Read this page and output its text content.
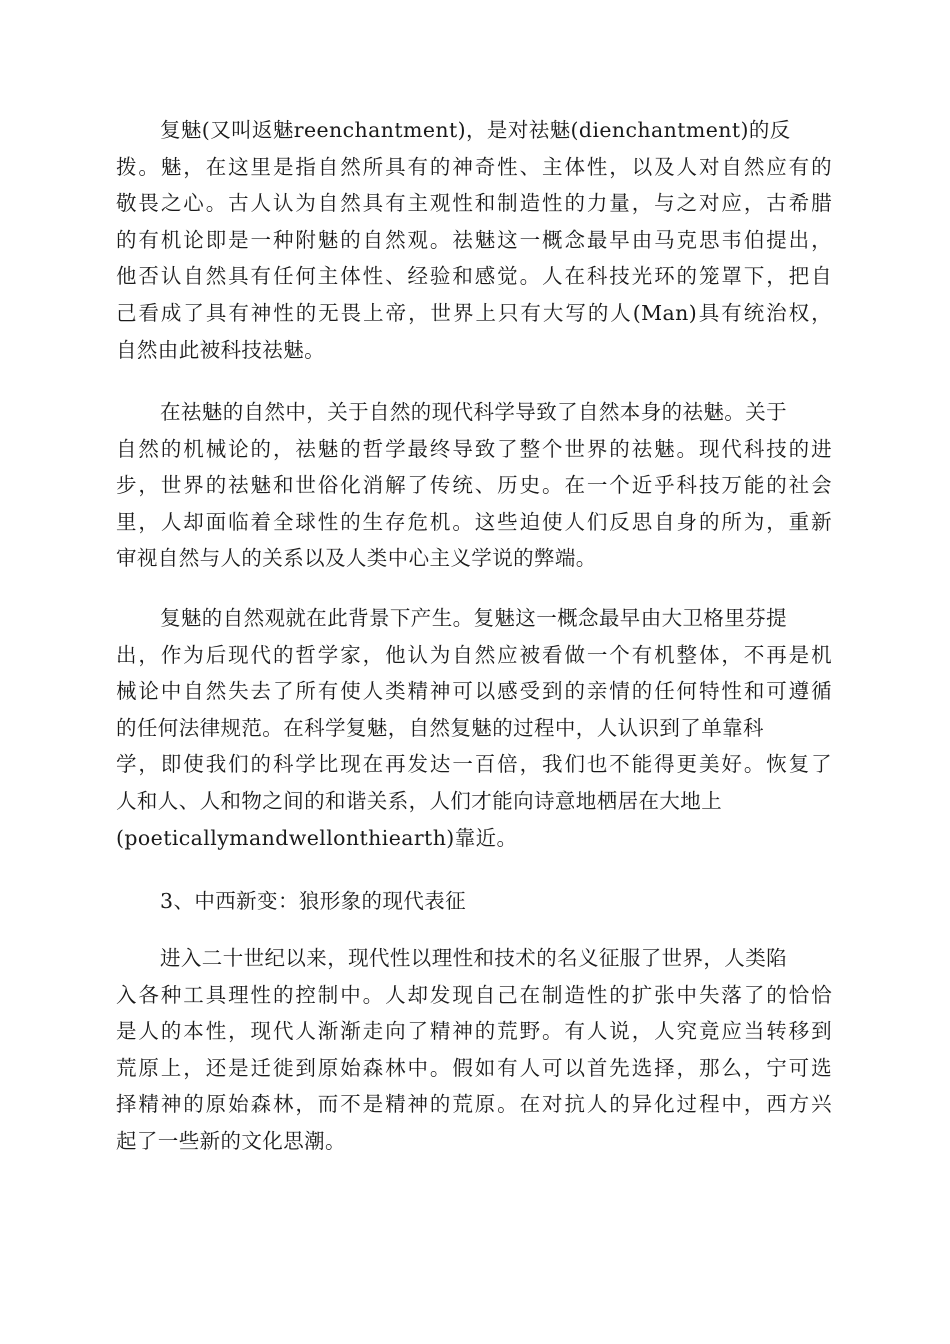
复魅(又叫返魅reenchantment)，是对祛魅(dienchantment)的反
拨。魅，在这里是指自然所具有的神奇性、主体性，以及人对自然应有的
敬畏之心。古人认为自然具有主观性和制造性的力量，与之对应，古希腊
的有机论即是一种附魅的自然观。祛魅这一概念最早由马克思韦伯提出，
他否认自然具有任何主体性、经验和感觉。人在科技光环的笼罩下，把自
己看成了具有神性的无畏上帝，世界上只有大写的人(Man)具有统治权，
自然由此被科技祛魅。
在祛魅的自然中，关于自然的现代科学导致了自然本身的祛魅。关于
自然的机械论的，祛魅的哲学最终导致了整个世界的祛魅。现代科技的进
步，世界的祛魅和世俗化消解了传统、历史。在一个近乎科技万能的社会
里，人却面临着全球性的生存危机。这些迫使人们反思自身的所为，重新
审视自然与人的关系以及人类中心主义学说的弊端。
复魅的自然观就在此背景下产生。复魅这一概念最早由大卫格里芬提
出，作为后现代的哲学家，他认为自然应被看做一个有机整体，不再是机
械论中自然失去了所有使人类精神可以感受到的亲情的任何特性和可遵循
的任何法律规范。在科学复魅，自然复魅的过程中，人认识到了单靠科
学，即使我们的科学比现在再发达一百倍，我们也不能得更美好。恢复了
人和人、人和物之间的和谐关系，人们才能向诗意地栖居在大地上
(poeticallymandwellonthiearth)靠近。
3、中西新变：狼形象的现代表征
进入二十世纪以来，现代性以理性和技术的名义征服了世界，人类陷
入各种工具理性的控制中。人却发现自己在制造性的扩张中失落了的恰恰
是人的本性，现代人渐渐走向了精神的荒野。有人说，人究竟应当转移到
荒原上，还是迁徙到原始森林中。假如有人可以首先选择，那么，宁可选
择精神的原始森林，而不是精神的荒原。在对抗人的异化过程中，西方兴
起了一些新的文化思潮。
